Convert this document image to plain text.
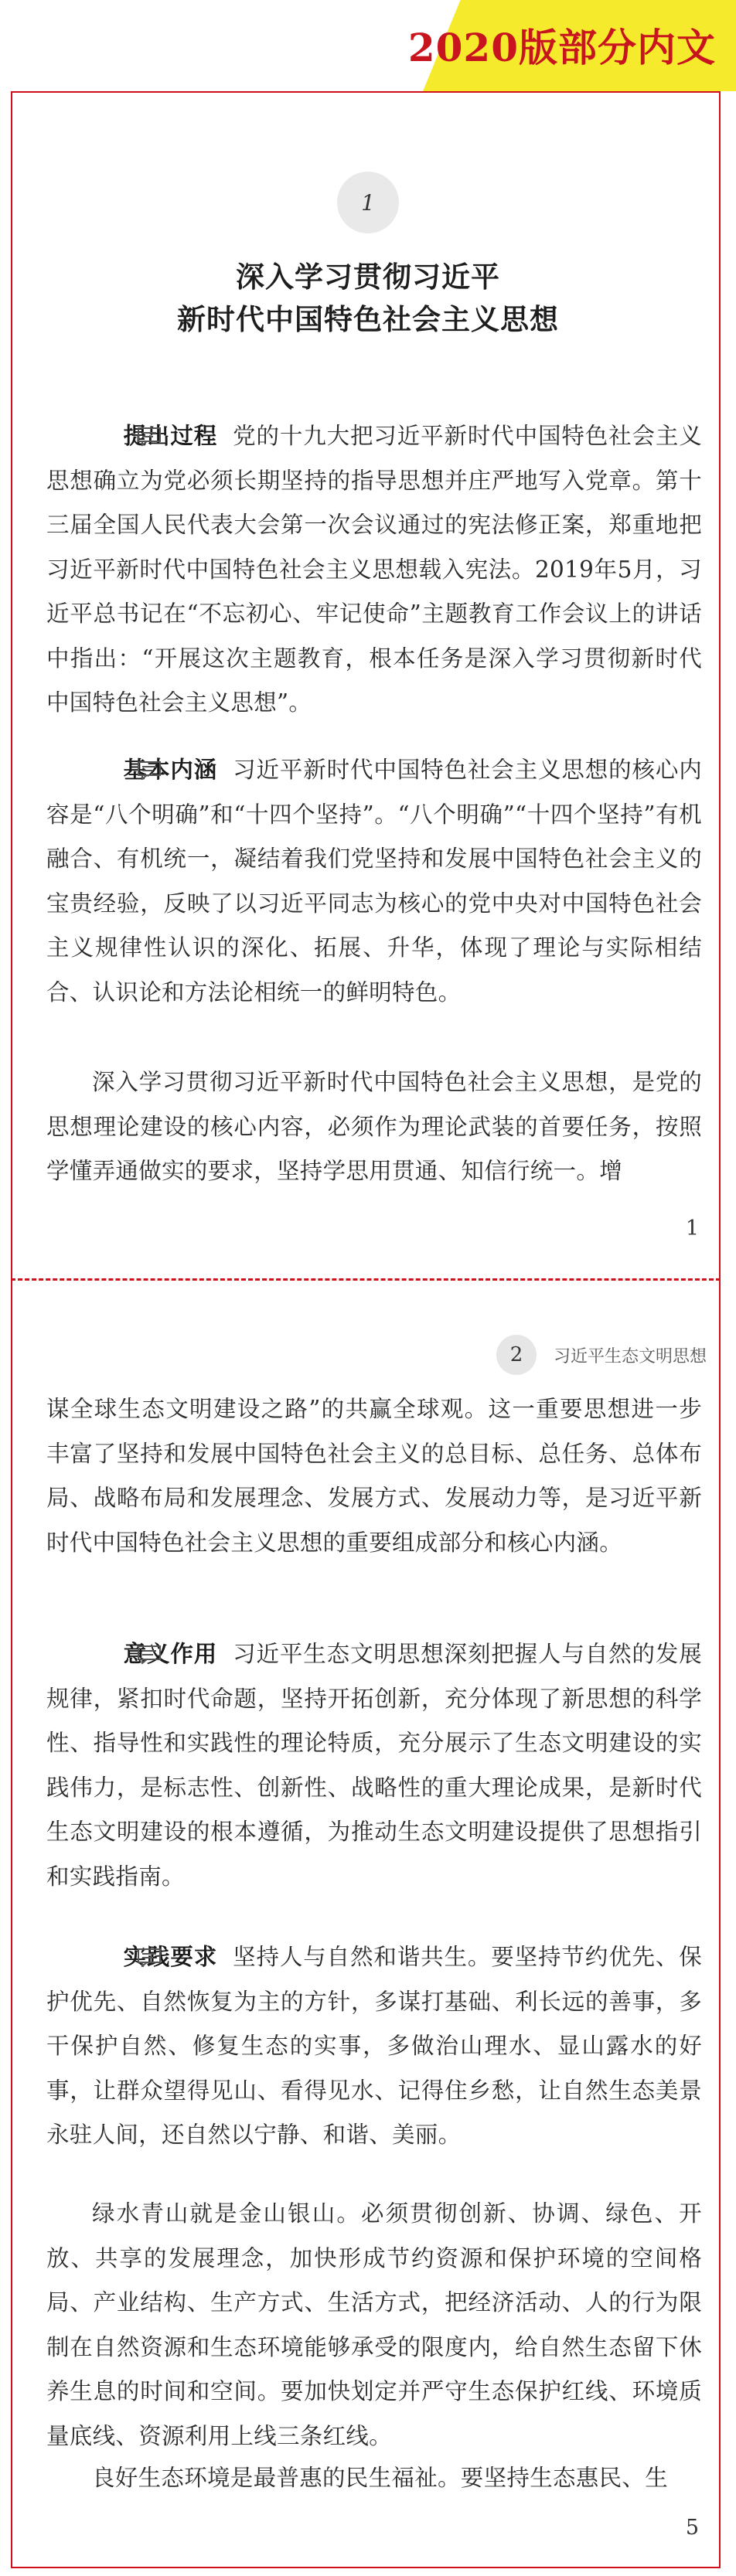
2020版部分内文
1
深入学习贯彻习近平
新时代中国特色社会主义思想
提出过程 党的十九大把习近平新时代中国特色社会主义思想确立为党必须长期坚持的指导思想并庄严地写入党章。第十三届全国人民代表大会第一次会议通过的宪法修正案，郑重地把习近平新时代中国特色社会主义思想载入宪法。2019年5月，习近平总书记在“不忘初心、牢记使命”主题教育工作会议上的讲话中指出：“开展这次主题教育，根本任务是深入学习贯彻新时代中国特色社会主义思想”。
基本内涵 习近平新时代中国特色社会主义思想的核心内容是“八个明确”和“十四个坚持”。“八个明确”“十四个坚持”有机融合、有机统一，凝结着我们党坚持和发展中国特色社会主义的宝贵经验，反映了以习近平同志为核心的党中央对中国特色社会主义规律性认识的深化、拓展、升华，体现了理论与实际相结合、认识论和方法论相统一的鲜明特色。
深入学习贯彻习近平新时代中国特色社会主义思想，是党的思想理论建设的核心内容，必须作为理论武装的首要任务，按照学懂弄通做实的要求，坚持学思用贯通、知信行统一。增
1
2	习近平生态文明思想
谋全球生态文明建设之路”的共赢全球观。这一重要思想进一步丰富了坚持和发展中国特色社会主义的总目标、总任务、总体布局、战略布局和发展理念、发展方式、发展动力等，是习近平新时代中国特色社会主义思想的重要组成部分和核心内涵。
意义作用 习近平生态文明思想深刻把握人与自然的发展规律，紧扣时代命题，坚持开拓创新，充分体现了新思想的科学性、指导性和实践性的理论特质，充分展示了生态文明建设的实践伟力，是标志性、创新性、战略性的重大理论成果，是新时代生态文明建设的根本遵循，为推动生态文明建设提供了思想指引和实践指南。
实践要求 坚持人与自然和谐共生。要坚持节约优先、保护优先、自然恢复为主的方针，多谋打基础、利长远的善事，多干保护自然、修复生态的实事，多做治山理水、显山露水的好事，让群众望得见山、看得见水、记得住乡愁，让自然生态美景永驻人间，还自然以宁静、和谐、美丽。
绿水青山就是金山银山。必须贯彻创新、协调、绿色、开放、共享的发展理念，加快形成节约资源和保护环境的空间格局、产业结构、生产方式、生活方式，把经济活动、人的行为限制在自然资源和生态环境能够承受的限度内，给自然生态留下休养生息的时间和空间。要加快划定并严守生态保护红线、环境质量底线、资源利用上线三条红线。
良好生态环境是最普惠的民生福祉。要坚持生态惠民、生
5
